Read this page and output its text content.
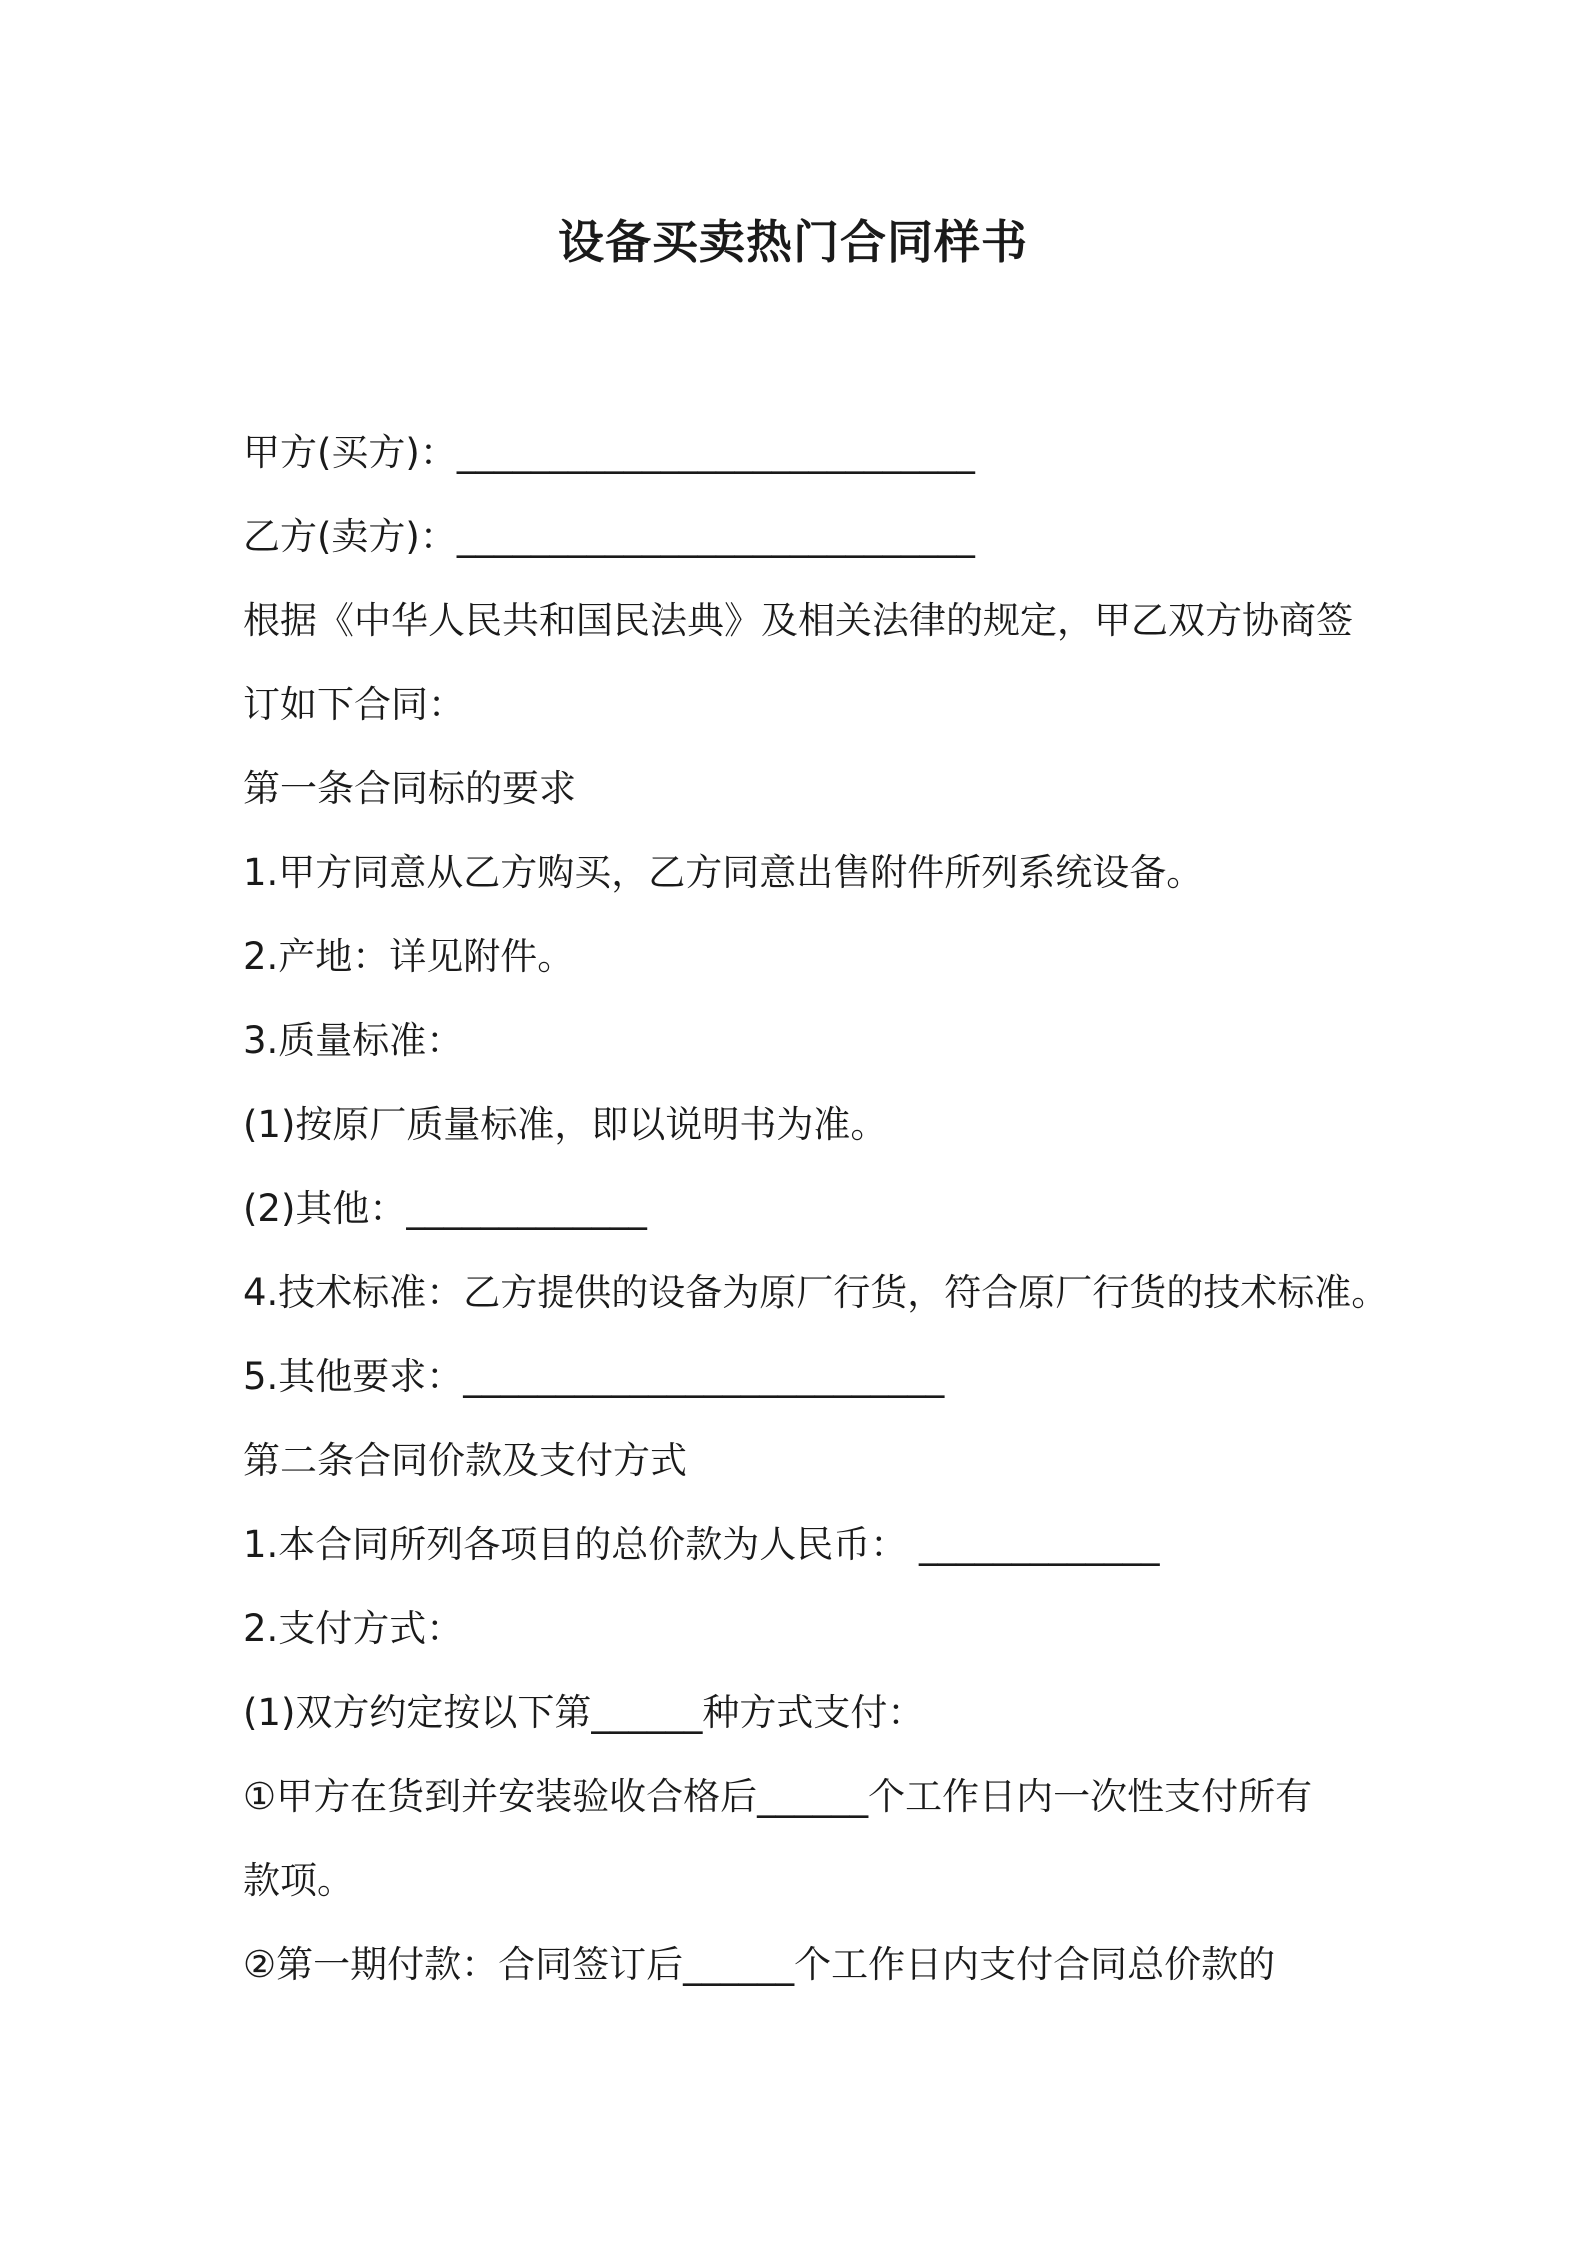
设备买卖热门合同样书
甲方(买方)：____________________________
乙方(卖方)：____________________________
根据《中华人民共和国民法典》及相关法律的规定，甲乙双方协商签
订如下合同：
第一条合同标的要求
1.甲方同意从乙方购买，乙方同意出售附件所列系统设备。
2.产地：详见附件。
3.质量标准：
(1)按原厂质量标准，即以说明书为准。
(2)其他：_____________
4.技术标准：乙方提供的设备为原厂行货，符合原厂行货的技术标准。
5.其他要求：__________________________
第二条合同价款及支付方式
1.本合同所列各项目的总价款为人民币： _____________
2.支付方式：
(1)双方约定按以下第______种方式支付：
①甲方在货到并安装验收合格后______个工作日内一次性支付所有
款项。
②第一期付款：合同签订后______个工作日内支付合同总价款的
